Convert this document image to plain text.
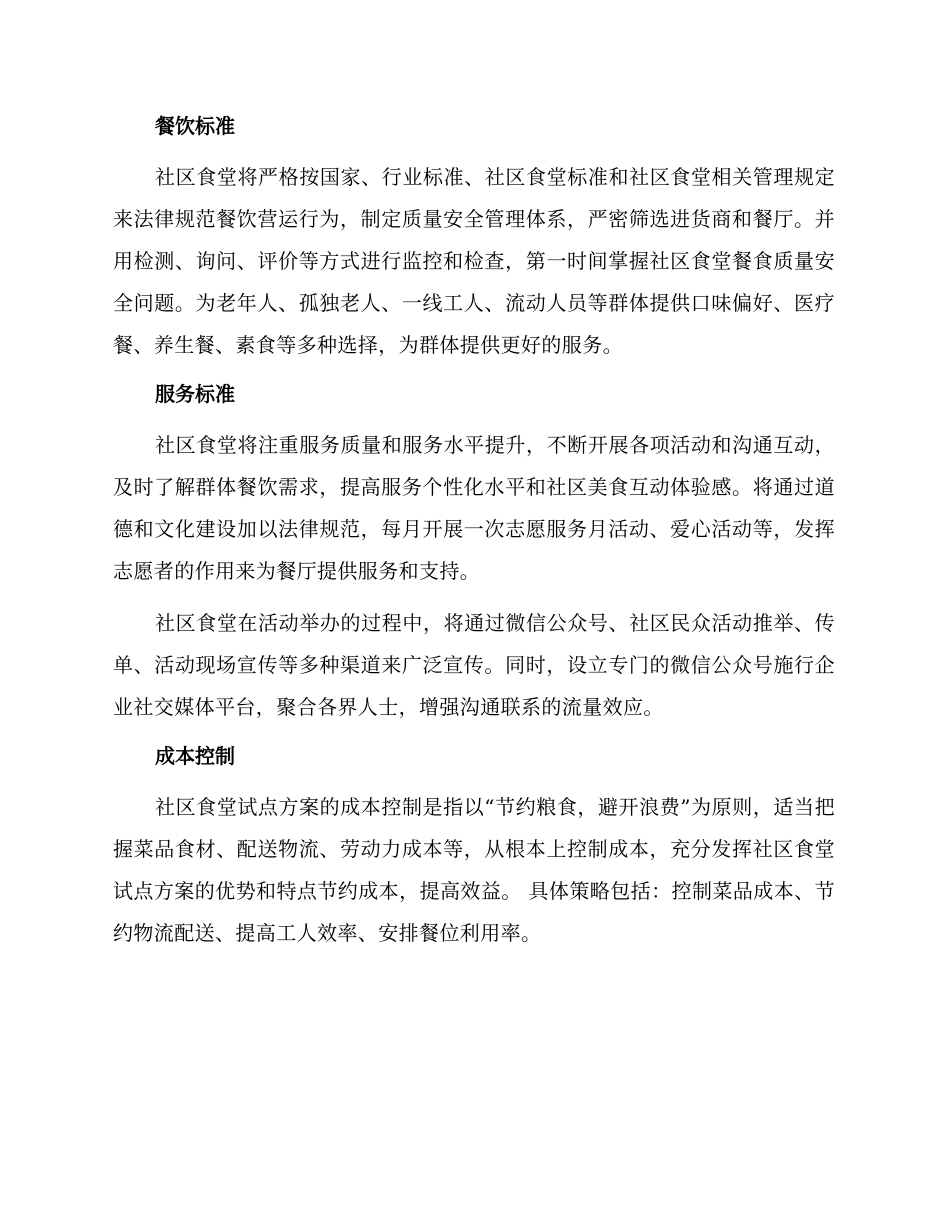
餐饮标准

社区食堂将严格按国家、行业标准、社区食堂标准和社区食堂相关管理规定来法律规范餐饮营运行为，制定质量安全管理体系，严密筛选进货商和餐厅。并用检测、询问、评价等方式进行监控和检查，第一时间掌握社区食堂餐食质量安全问题。为老年人、孤独老人、一线工人、流动人员等群体提供口味偏好、医疗餐、养生餐、素食等多种选择，为群体提供更好的服务。

服务标准

社区食堂将注重服务质量和服务水平提升，不断开展各项活动和沟通互动，及时了解群体餐饮需求，提高服务个性化水平和社区美食互动体验感。将通过道德和文化建设加以法律规范，每月开展一次志愿服务月活动、爱心活动等，发挥志愿者的作用来为餐厅提供服务和支持。

社区食堂在活动举办的过程中，将通过微信公众号、社区民众活动推举、传单、活动现场宣传等多种渠道来广泛宣传。同时，设立专门的微信公众号施行企业社交媒体平台，聚合各界人士，增强沟通联系的流量效应。

成本控制

社区食堂试点方案的成本控制是指以“节约粮食，避开浪费”为原则，适当把握菜品食材、配送物流、劳动力成本等，从根本上控制成本，充分发挥社区食堂试点方案的优势和特点节约成本，提高效益。 具体策略包括：控制菜品成本、节约物流配送、提高工人效率、安排餐位利用率。
